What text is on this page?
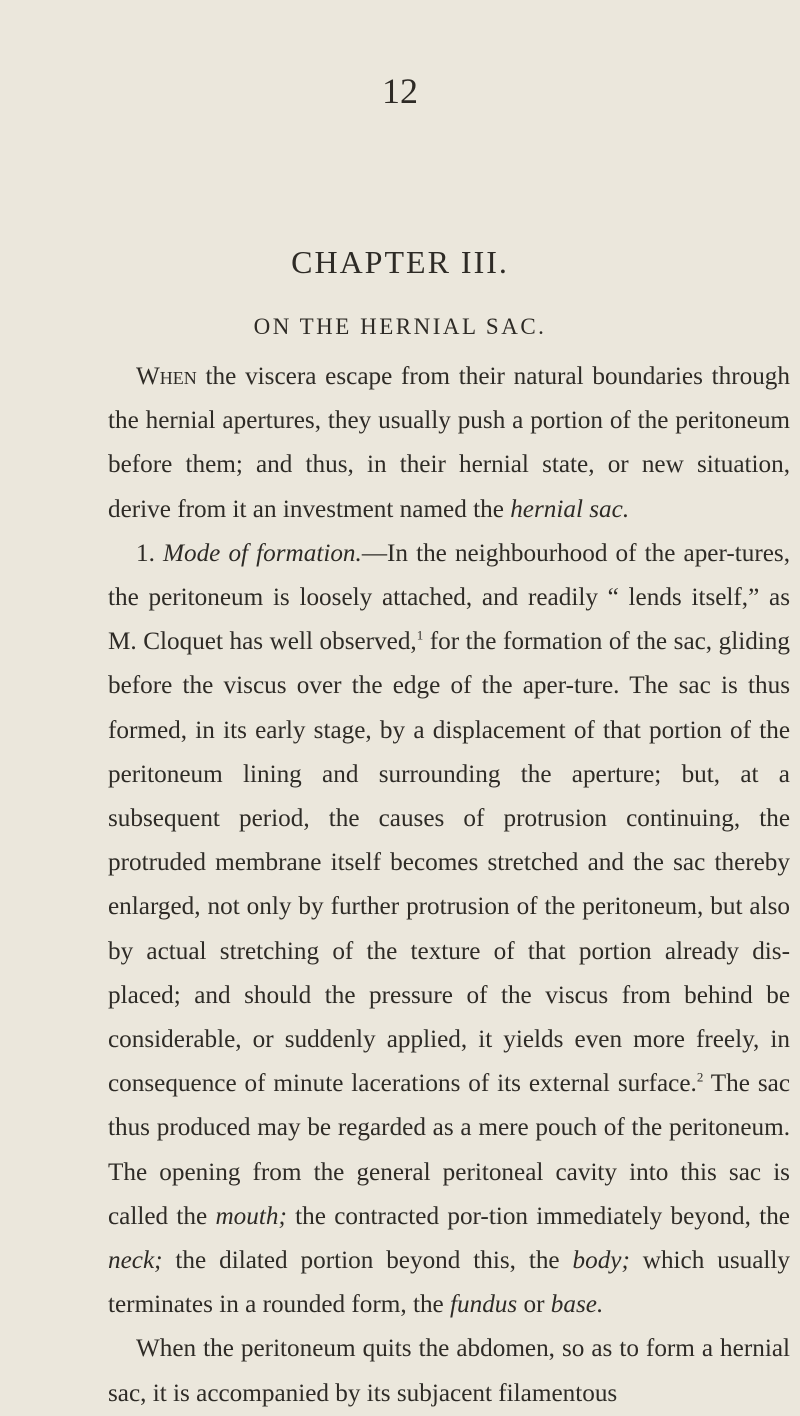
12
CHAPTER III.
ON THE HERNIAL SAC.

When the viscera escape from their natural boundaries through the hernial apertures, they usually push a portion of the peritoneum before them; and thus, in their hernial state, or new situation, derive from it an investment named the hernial sac.

1. Mode of formation.—In the neighbourhood of the aper-tures, the peritoneum is loosely attached, and readily “ lends itself,” as M. Cloquet has well observed,$^1$ for the formation of the sac, gliding before the viscus over the edge of the aper-ture. The sac is thus formed, in its early stage, by a displacement of that portion of the peritoneum lining and surrounding the aperture; but, at a subsequent period, the causes of protrusion continuing, the protruded membrane itself becomes stretched and the sac thereby enlarged, not only by further protrusion of the peritoneum, but also by actual stretching of the texture of that portion already dis-placed; and should the pressure of the viscus from behind be considerable, or suddenly applied, it yields even more freely, in consequence of minute lacerations of its external surface.$^2$ The sac thus produced may be regarded as a mere pouch of the peritoneum. The opening from the general peritoneal cavity into this sac is called the mouth; the contracted por-tion immediately beyond, the neck; the dilated portion beyond this, the body; which usually terminates in a rounded form, the fundus or base.

When the peritoneum quits the abdomen, so as to form a hernial sac, it is accompanied by its subjacent filamentous
